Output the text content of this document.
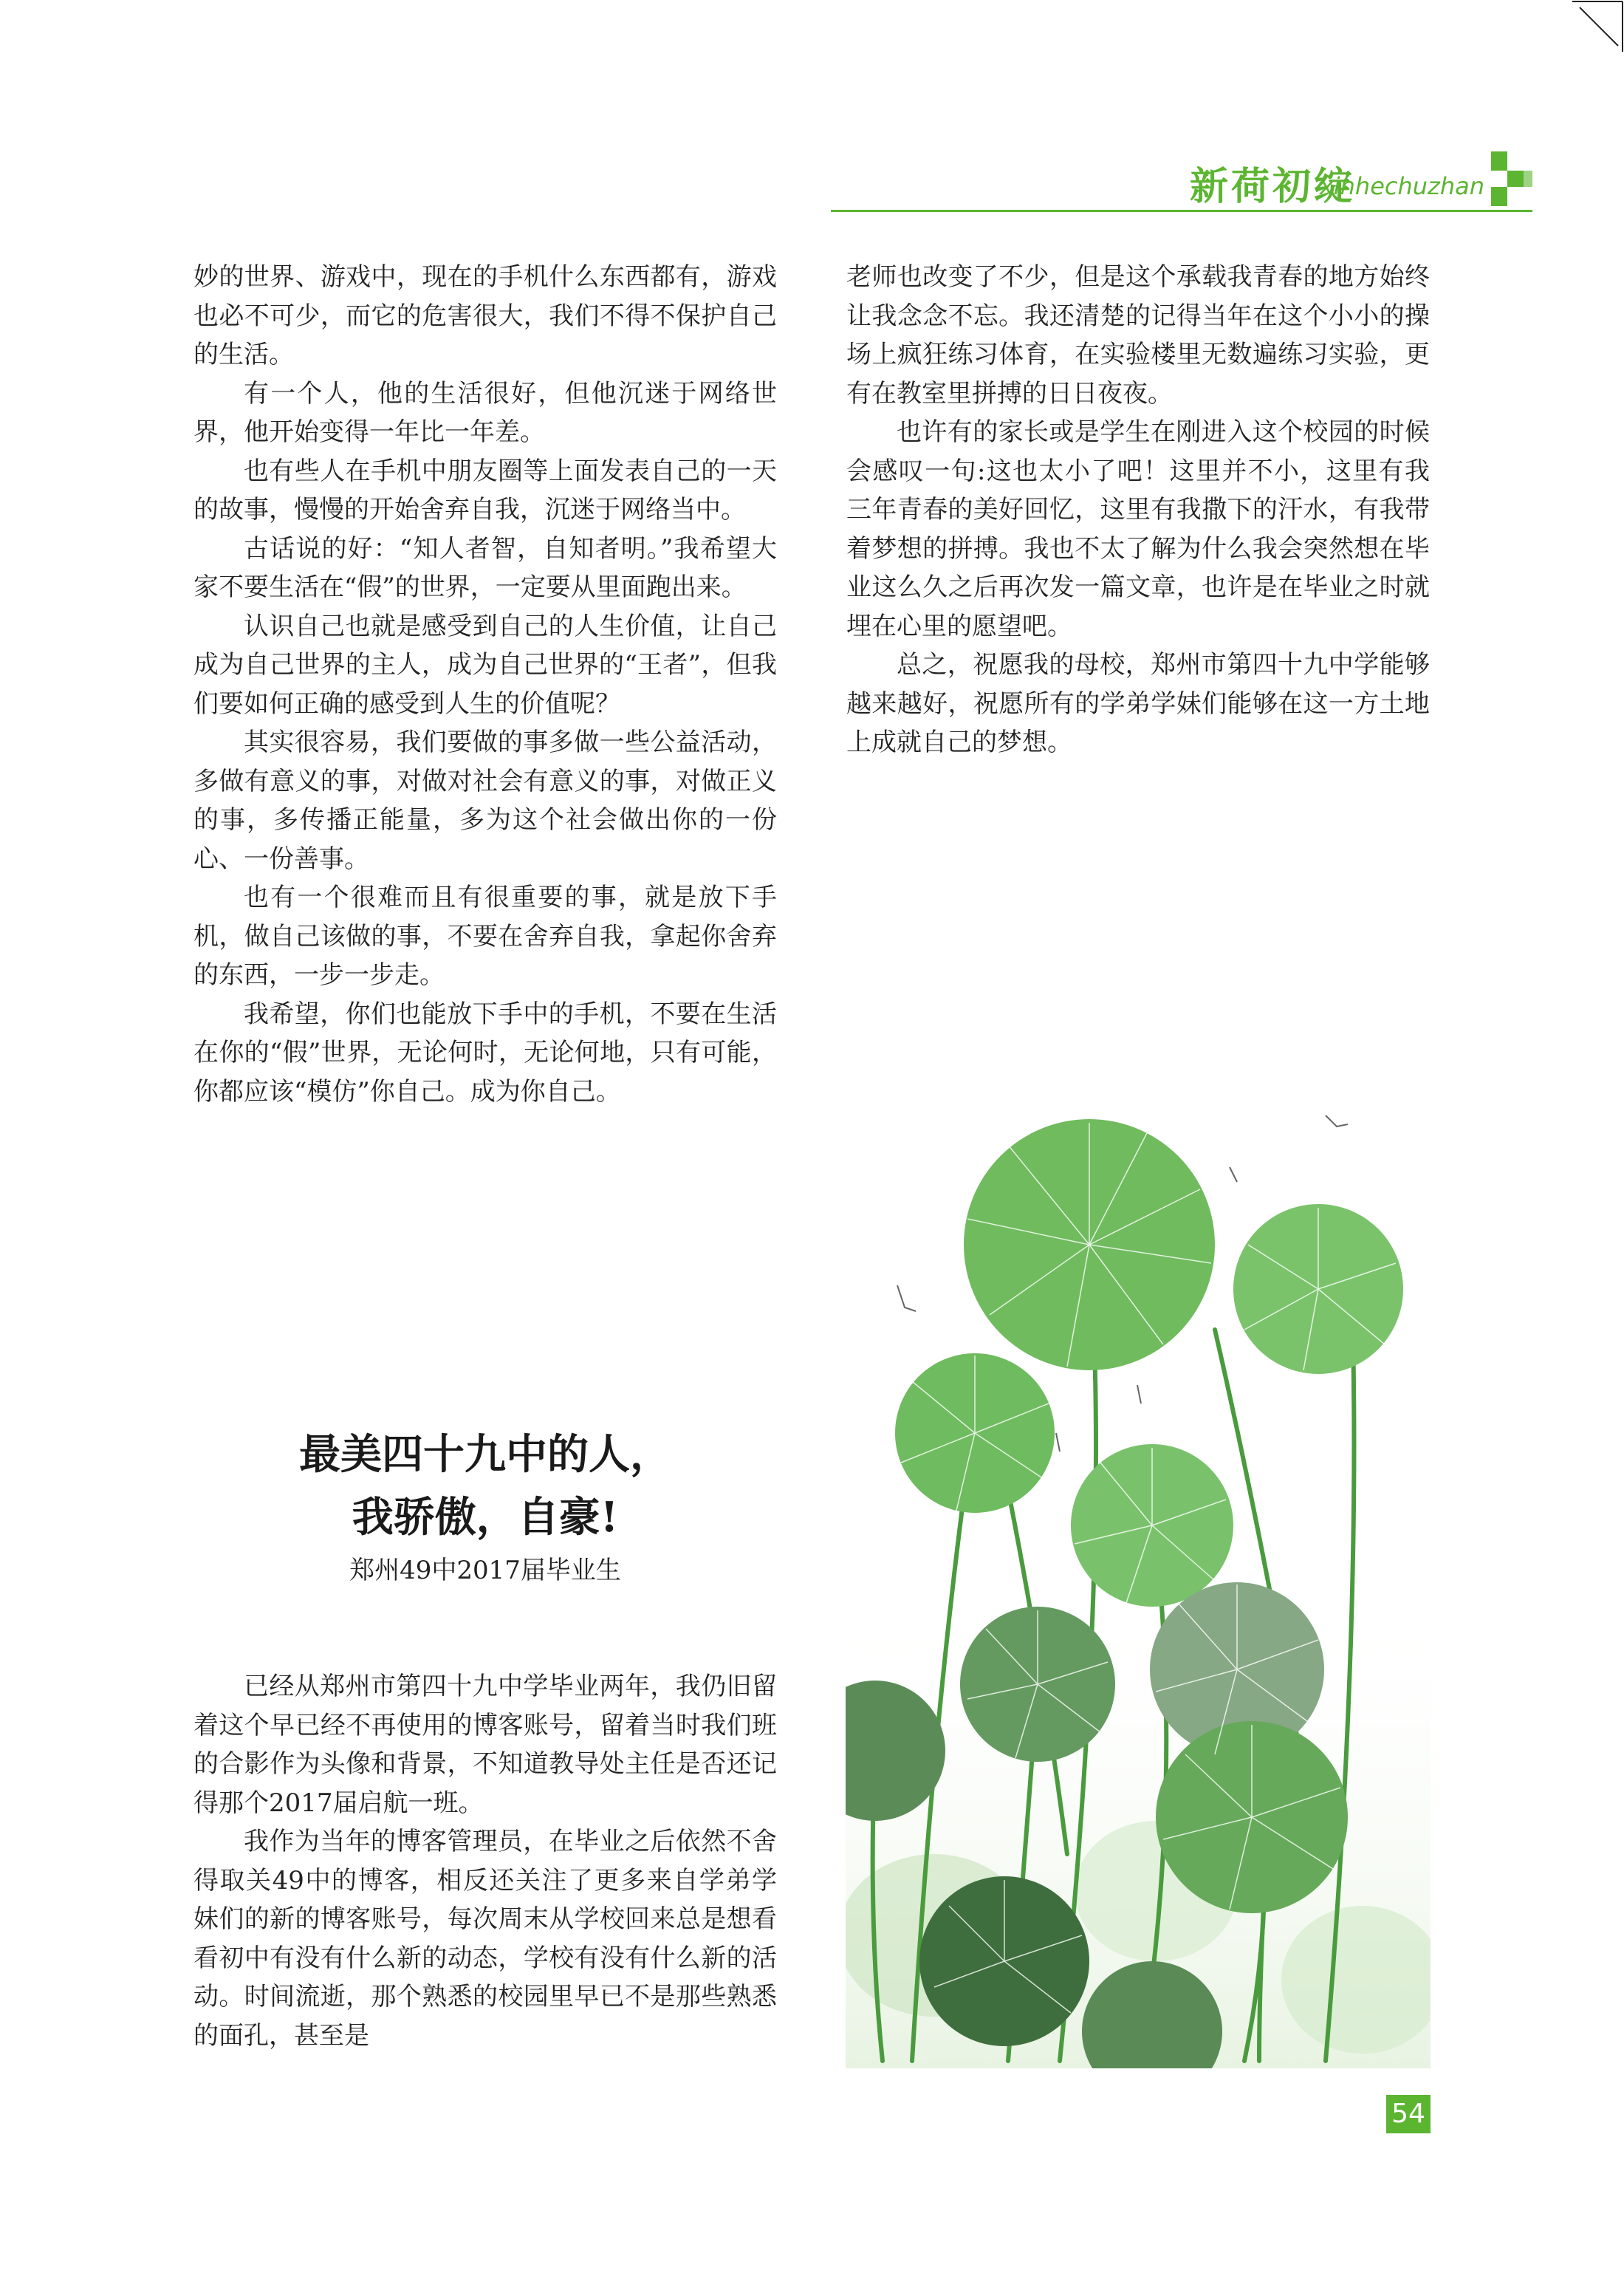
新荷初绽
xinhechuzhan

妙的世界、游戏中，现在的手机什么东西都有，游戏也必不可少，而它的危害很大，我们不得不保护自己的生活。

有一个人，他的生活很好，但他沉迷于网络世界，他开始变得一年比一年差。

也有些人在手机中朋友圈等上面发表自己的一天的故事，慢慢的开始舍弃自我，沉迷于网络当中。

古话说的好：“知人者智，自知者明。”我希望大家不要生活在“假”的世界，一定要从里面跑出来。

认识自己也就是感受到自己的人生价值，让自己成为自己世界的主人，成为自己世界的“王者”，但我们要如何正确的感受到人生的价值呢？

其实很容易，我们要做的事多做一些公益活动，多做有意义的事，对做对社会有意义的事，对做正义的事，多传播正能量，多为这个社会做出你的一份心、一份善事。

也有一个很难而且有很重要的事，就是放下手机，做自己该做的事，不要在舍弃自我，拿起你舍弃的东西，一步一步走。

我希望，你们也能放下手中的手机，不要在生活在你的“假”世界，无论何时，无论何地，只有可能，你都应该“模仿”你自己。成为你自己。

最美四十九中的人，
我骄傲，自豪!
郑州49中2017届毕业生

已经从郑州市第四十九中学毕业两年，我仍旧留着这个早已经不再使用的博客账号，留着当时我们班的合影作为头像和背景，不知道教导处主任是否还记得那个2017届启航一班。

我作为当年的博客管理员，在毕业之后依然不舍得取关49中的博客，相反还关注了更多来自学弟学妹们的新的博客账号，每次周末从学校回来总是想看看初中有没有什么新的动态，学校有没有什么新的活动。时间流逝，那个熟悉的校园里早已不是那些熟悉的面孔，甚至是

老师也改变了不少，但是这个承载我青春的地方始终让我念念不忘。我还清楚的记得当年在这个小小的操场上疯狂练习体育，在实验楼里无数遍练习实验，更有在教室里拼搏的日日夜夜。

也许有的家长或是学生在刚进入这个校园的时候会感叹一句:这也太小了吧！这里并不小，这里有我三年青春的美好回忆，这里有我撒下的汗水，有我带着梦想的拼搏。我也不太了解为什么我会突然想在毕业这么久之后再次发一篇文章，也许是在毕业之时就埋在心里的愿望吧。

总之，祝愿我的母校，郑州市第四十九中学能够越来越好，祝愿所有的学弟学妹们能够在这一方土地上成就自己的梦想。

54
